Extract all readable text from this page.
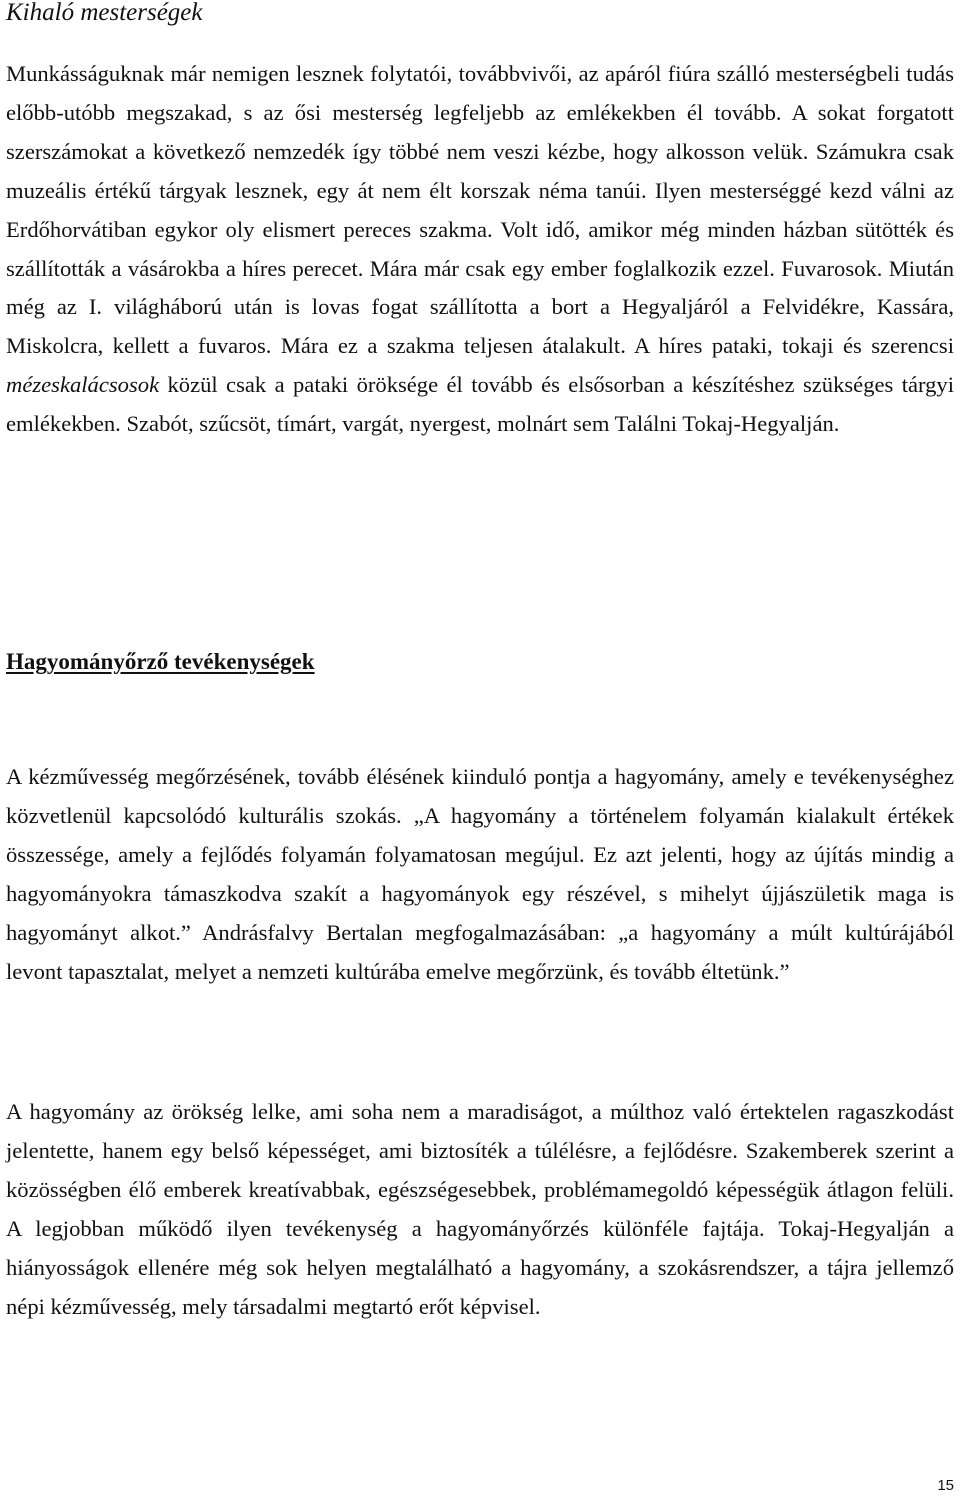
Kihaló mesterségek

Munkásságuknak már nemigen lesznek folytatói, továbbvivői, az apáról fiúra szálló mesterségbeli tudás előbb-utóbb megszakad, s az ősi mesterség legfeljebb az emlékekben él tovább. A sokat forgatott szerszámokat a következő nemzedék így többé nem veszi kézbe, hogy alkosson velük. Számukra csak muzeális értékű tárgyak lesznek, egy át nem élt korszak néma tanúi. Ilyen mesterséggé kezd válni az Erdőhorvátiban egykor oly elismert pereces szakma. Volt idő, amikor még minden házban sütötték és szállították a vásárokba a híres perecet. Mára már csak egy ember foglalkozik ezzel. Fuvarosok. Miután még az I. világháború után is lovas fogat szállította a bort a Hegyaljáról a Felvidékre, Kassára, Miskolcra, kellett a fuvaros. Mára ez a szakma teljesen átalakult. A híres pataki, tokaji és szerencsi mézeskalácsosok közül csak a pataki öröksége él tovább és elsősorban a készítéshez szükséges tárgyi emlékekben. Szabót, szűcsöt, tímárt, vargát, nyergest, molnárt sem Találni Tokaj-Hegyalján.

Hagyományőrző tevékenységek

A kézművesség megőrzésének, tovább élésének kiinduló pontja a hagyomány, amely e tevékenységhez közvetlenül kapcsolódó kulturális szokás. „A hagyomány a történelem folyamán kialakult értékek összessége, amely a fejlődés folyamán folyamatosan megújul. Ez azt jelenti, hogy az újítás mindig a hagyományokra támaszkodva szakít a hagyományok egy részével, s mihelyt újjászületik maga is hagyományt alkot.” Andrásfalvy Bertalan megfogalmazásában: „a hagyomány a múlt kultúrájából levont tapasztalat, melyet a nemzeti kultúrába emelve megőrzünk, és tovább éltetünk.”

A hagyomány az örökség lelke, ami soha nem a maradiságot, a múlthoz való értektelen ragaszkodást jelentette, hanem egy belső képességet, ami biztosíték a túlélésre, a fejlődésre. Szakemberek szerint a közösségben élő emberek kreatívabbak, egészségesebbek, problémamegoldó képességük átlagon felüli. A legjobban működő ilyen tevékenység a hagyományőrzés különféle fajtája. Tokaj-Hegyalján a hiányosságok ellenére még sok helyen megtalálható a hagyomány, a szokásrendszer, a tájra jellemző népi kézművesség, mely társadalmi megtartó erőt képvisel.

15
